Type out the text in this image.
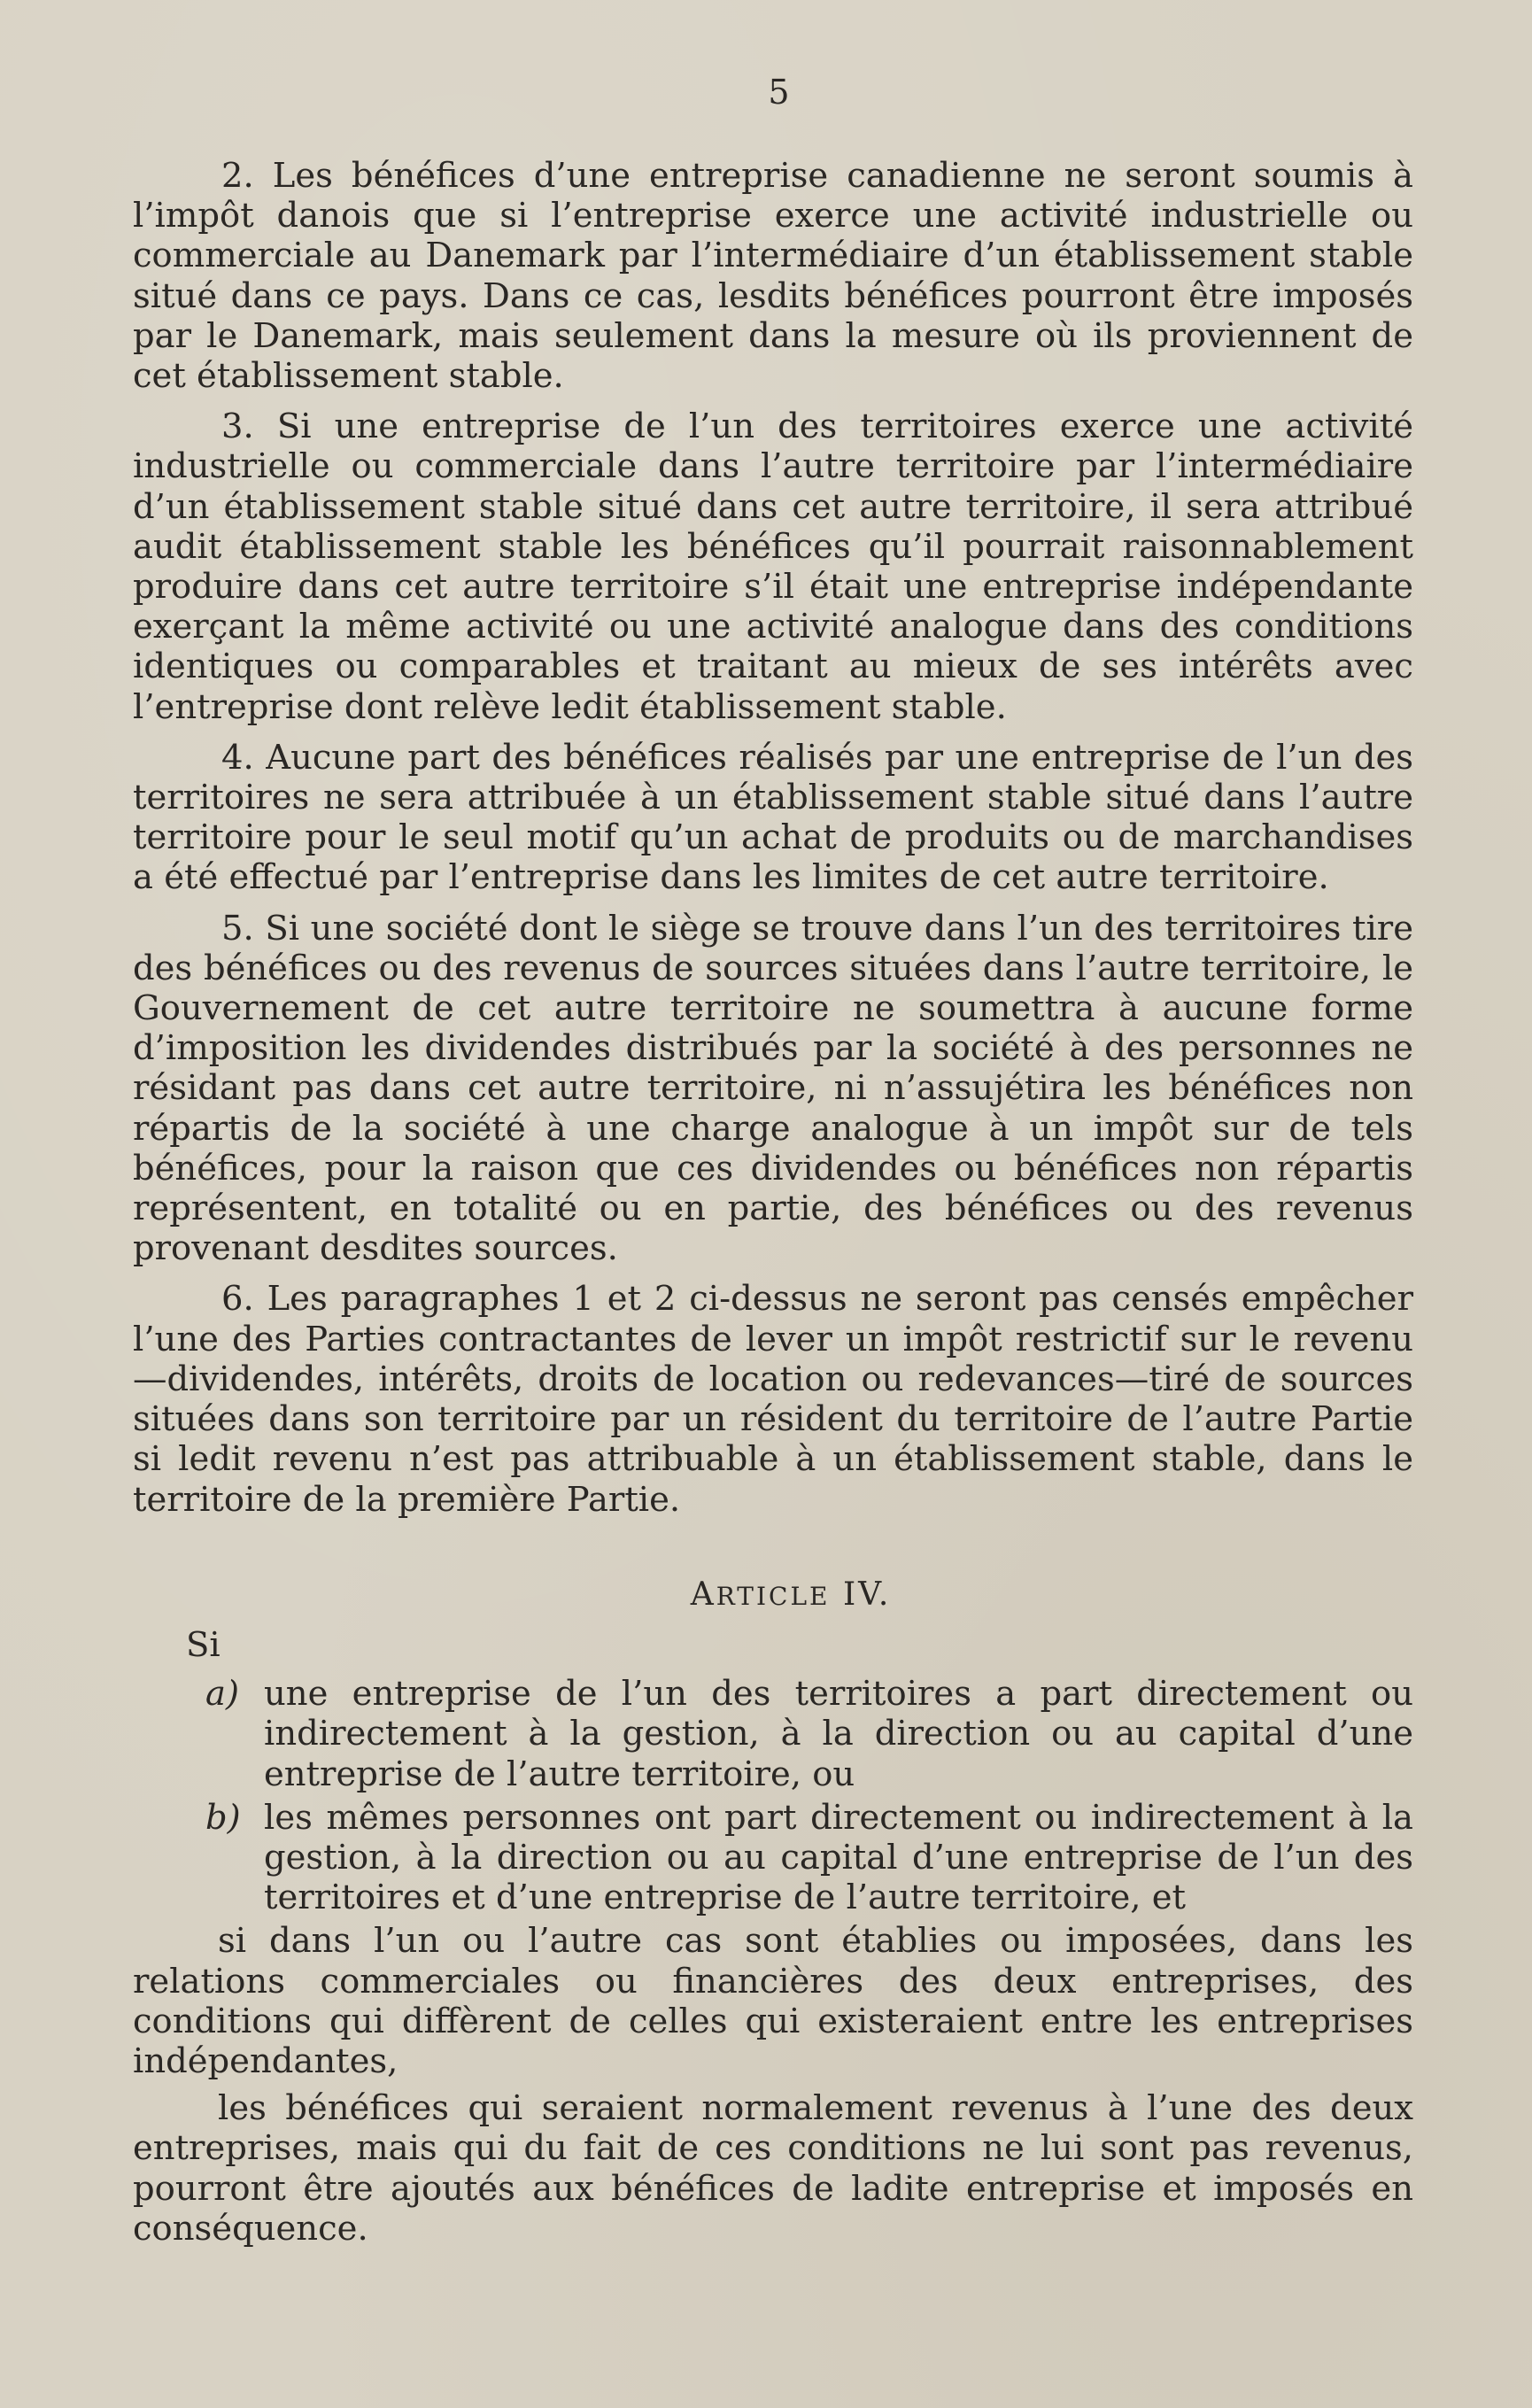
5

2. Les bénéfices d’une entreprise canadienne ne seront soumis à l’impôt danois que si l’entreprise exerce une activité industrielle ou commerciale au Danemark par l’intermédiaire d’un établissement stable situé dans ce pays. Dans ce cas, lesdits bénéfices pourront être imposés par le Danemark, mais seulement dans la mesure où ils proviennent de cet établissement stable.

3. Si une entreprise de l’un des territoires exerce une activité industrielle ou commerciale dans l’autre territoire par l’intermédiaire d’un établissement stable situé dans cet autre territoire, il sera attribué audit établissement stable les bénéfices qu’il pourrait raisonnablement produire dans cet autre territoire s’il était une entreprise indépendante exerçant la même activité ou une activité analogue dans des conditions identiques ou comparables et traitant au mieux de ses intérêts avec l’entreprise dont relève ledit établissement stable.

4. Aucune part des bénéfices réalisés par une entreprise de l’un des territoires ne sera attribuée à un établissement stable situé dans l’autre territoire pour le seul motif qu’un achat de produits ou de marchandises a été effectué par l’entreprise dans les limites de cet autre territoire.

5. Si une société dont le siège se trouve dans l’un des territoires tire des bénéfices ou des revenus de sources situées dans l’autre territoire, le Gouvernement de cet autre territoire ne soumettra à aucune forme d’imposition les dividendes distribués par la société à des personnes ne résidant pas dans cet autre territoire, ni n’assujétira les bénéfices non répartis de la société à une charge analogue à un impôt sur de tels bénéfices, pour la raison que ces dividendes ou bénéfices non répartis représentent, en totalité ou en partie, des bénéfices ou des revenus provenant desdites sources.

6. Les paragraphes 1 et 2 ci-dessus ne seront pas censés empêcher l’une des Parties contractantes de lever un impôt restrictif sur le revenu—dividendes, intérêts, droits de location ou redevances—tiré de sources situées dans son territoire par un résident du territoire de l’autre Partie si ledit revenu n’est pas attribuable à un établissement stable, dans le territoire de la première Partie.

ARTICLE IV.
Si
a) une entreprise de l’un des territoires a part directement ou indirectement à la gestion, à la direction ou au capital d’une entreprise de l’autre territoire, ou
b) les mêmes personnes ont part directement ou indirectement à la gestion, à la direction ou au capital d’une entreprise de l’un des territoires et d’une entreprise de l’autre territoire, et

si dans l’un ou l’autre cas sont établies ou imposées, dans les relations commerciales ou financières des deux entreprises, des conditions qui diffèrent de celles qui existeraient entre les entreprises indépendantes,

les bénéfices qui seraient normalement revenus à l’une des deux entreprises, mais qui du fait de ces conditions ne lui sont pas revenus, pourront être ajoutés aux bénéfices de ladite entreprise et imposés en conséquence.
